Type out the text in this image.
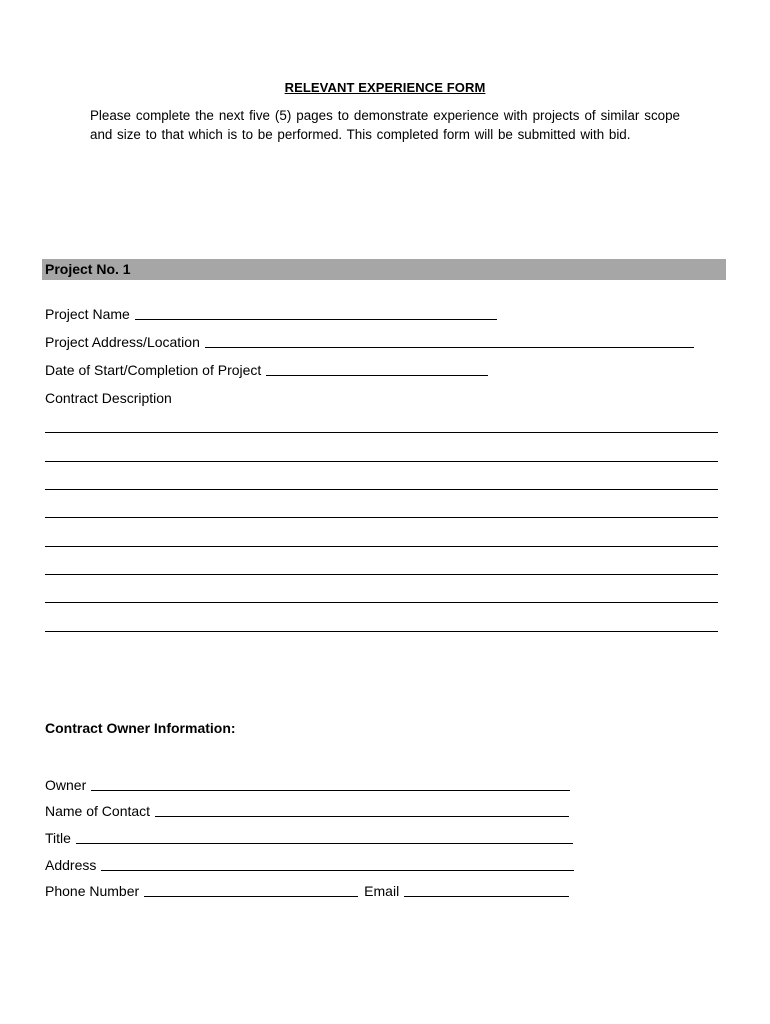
RELEVANT EXPERIENCE FORM
Please complete the next five (5) pages to demonstrate experience with projects of similar scope and size to that which is to be performed. This completed form will be submitted with bid.
Project No. 1
Project Name
Project Address/Location
Date of Start/Completion of Project
Contract Description
Contract Owner Information:
Owner
Name of Contact
Title
Address
Phone Number	Email
